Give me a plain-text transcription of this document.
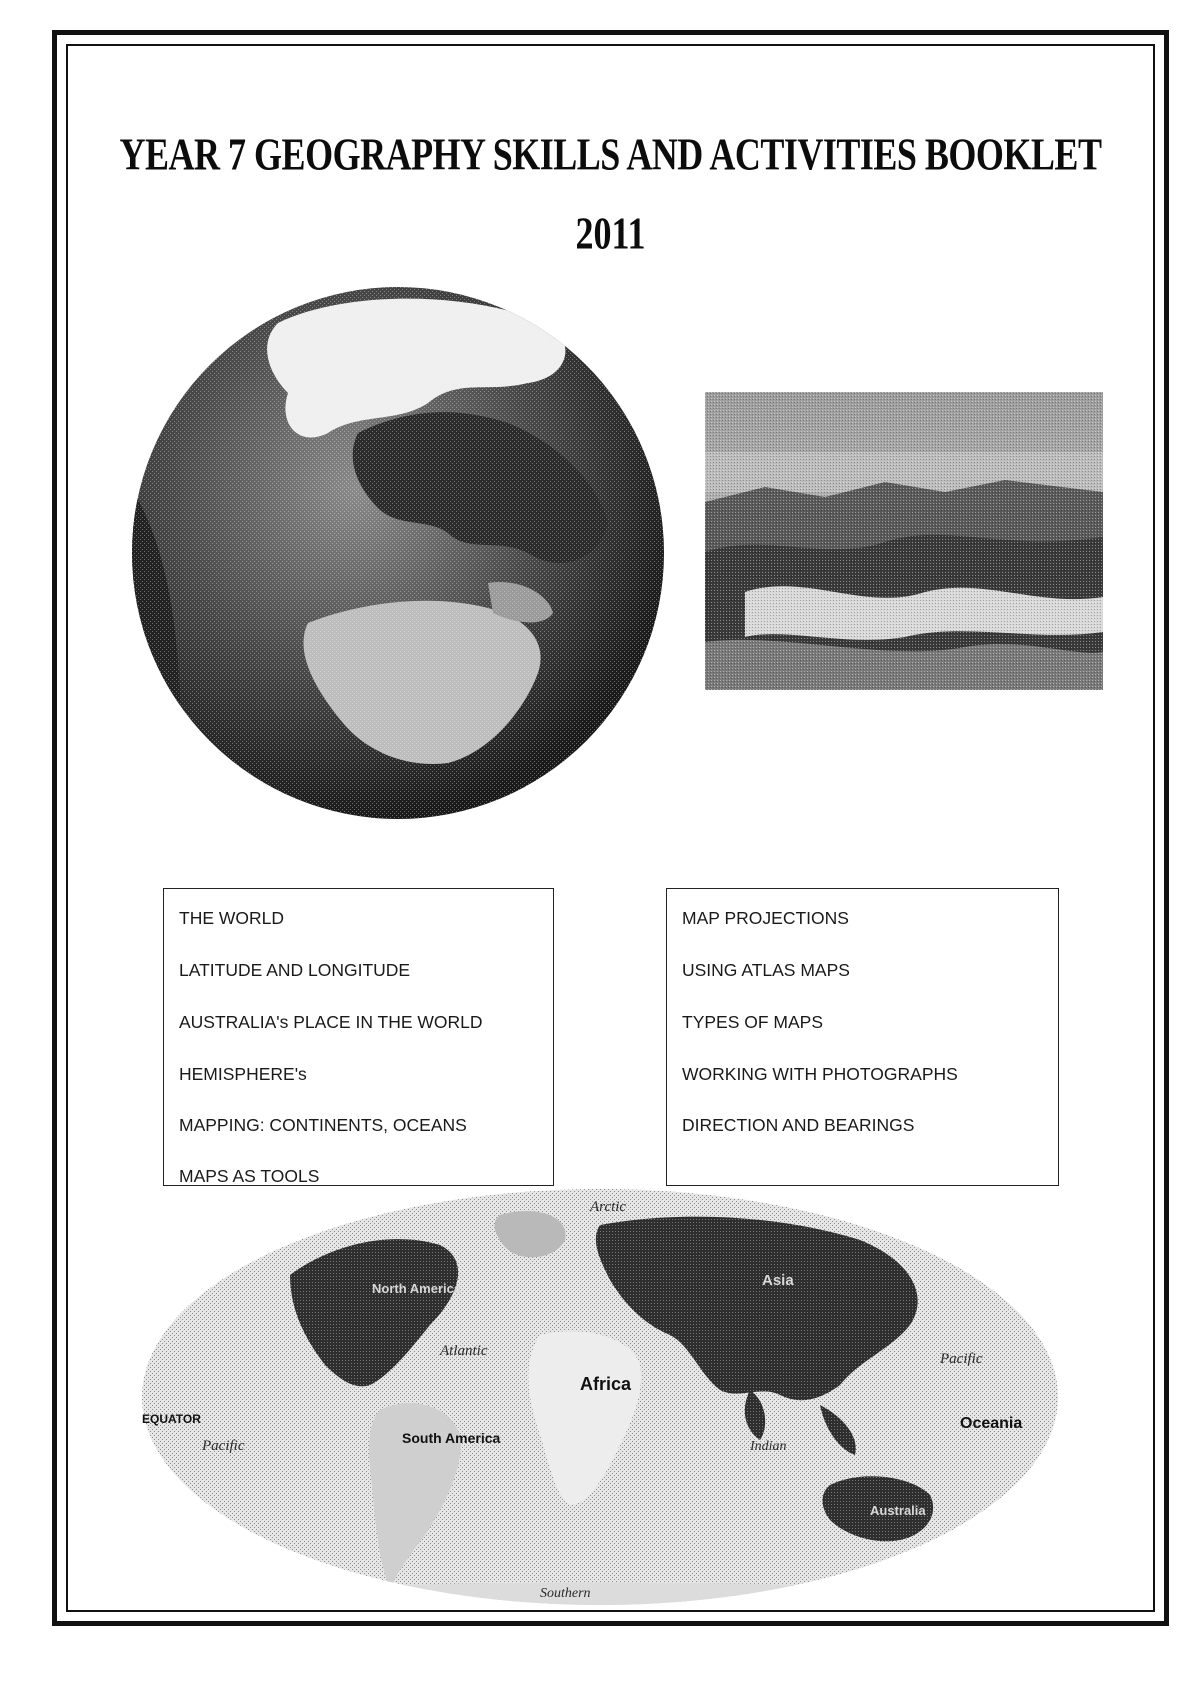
YEAR 7 GEOGRAPHY SKILLS AND ACTIVITIES BOOKLET
2011
THE WORLD
LATITUDE AND LONGITUDE
AUSTRALIA's PLACE IN THE WORLD
HEMISPHERE's
MAPPING: CONTINENTS, OCEANS
MAPS AS TOOLS
MAP PROJECTIONS
USING ATLAS MAPS
TYPES OF MAPS
WORKING WITH PHOTOGRAPHS
DIRECTION AND BEARINGS
Arctic
North America	Asia
Atlantic
Africa
Pacific
EQUATOR
Pacific	South America
Indian
Oceania
Australia
Southern
